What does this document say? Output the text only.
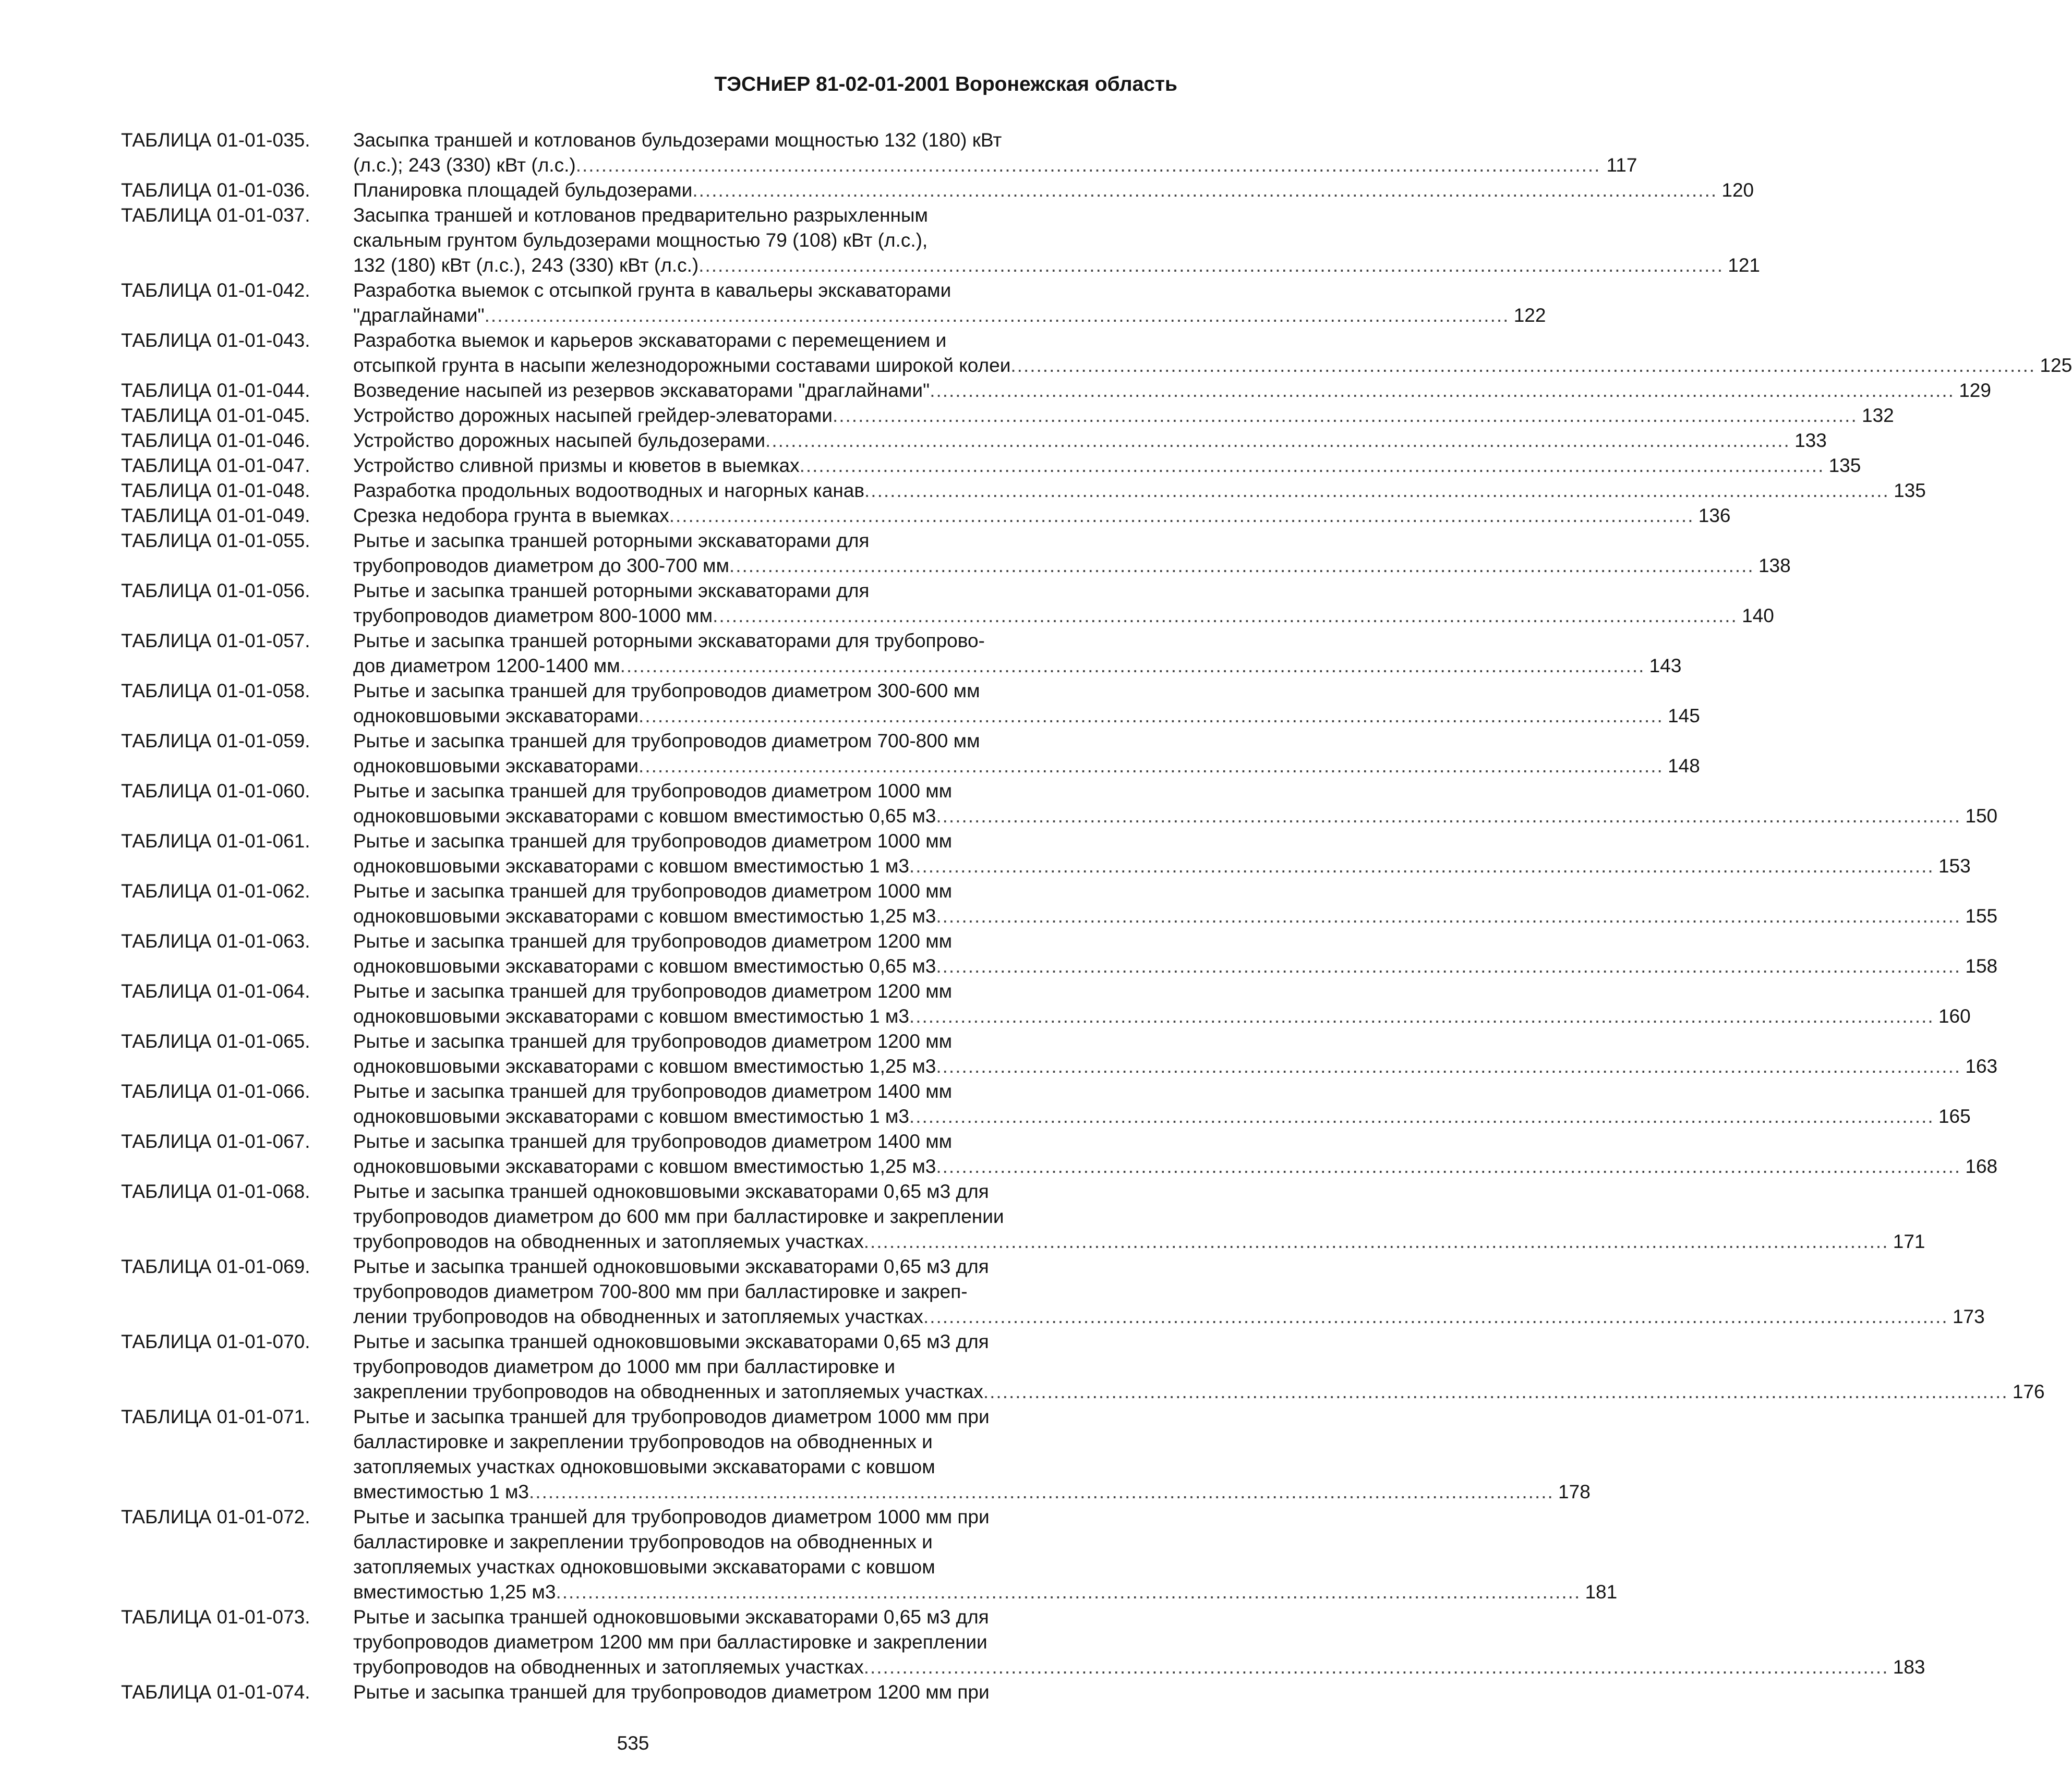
ТЭСНиЕР 81-02-01-2001 Воронежская область
ТАБЛИЦА 01-01-035.	Засыпка траншей и котлованов бульдозерами мощностью 132 (180) кВт
(л.с.); 243 (330) кВт (л.с.) .....	117
ТАБЛИЦА 01-01-036.	Планировка площадей бульдозерами .....	120
ТАБЛИЦА 01-01-037.	Засыпка траншей и котлованов предварительно разрыхленным
скальным грунтом бульдозерами мощностью 79 (108) кВт (л.с.),
132 (180) кВт (л.с.), 243 (330) кВт (л.с.) .....	121
ТАБЛИЦА 01-01-042.	Разработка выемок с отсыпкой грунта в кавальеры экскаваторами
"драглайнами" .....	122
ТАБЛИЦА 01-01-043.	Разработка выемок и карьеров экскаваторами с перемещением и
отсыпкой грунта в насыпи железнодорожными составами широкой колеи .....	125
ТАБЛИЦА 01-01-044.	Возведение насыпей из резервов экскаваторами "драглайнами" .....	129
ТАБЛИЦА 01-01-045.	Устройство дорожных насыпей грейдер-элеваторами .....	132
ТАБЛИЦА 01-01-046.	Устройство дорожных насыпей бульдозерами .....	133
ТАБЛИЦА 01-01-047.	Устройство сливной призмы и кюветов в выемках .....	135
ТАБЛИЦА 01-01-048.	Разработка продольных водоотводных и нагорных канав .....	135
ТАБЛИЦА 01-01-049.	Срезка недобора грунта в выемках .....	136
ТАБЛИЦА 01-01-055.	Рытье и засыпка траншей роторными экскаваторами для
трубопроводов диаметром до 300-700 мм .....	138
ТАБЛИЦА 01-01-056.	Рытье и засыпка траншей роторными экскаваторами для
трубопроводов диаметром 800-1000 мм .....	140
ТАБЛИЦА 01-01-057.	Рытье и засыпка траншей роторными экскаваторами для трубопрово-
дов диаметром 1200-1400 мм .....	143
ТАБЛИЦА 01-01-058.	Рытье и засыпка траншей для трубопроводов диаметром 300-600 мм
одноковшовыми экскаваторами .....	145
ТАБЛИЦА 01-01-059.	Рытье и засыпка траншей для трубопроводов диаметром 700-800 мм
одноковшовыми экскаваторами .....	148
ТАБЛИЦА 01-01-060.	Рытье и засыпка траншей для трубопроводов диаметром 1000 мм
одноковшовыми экскаваторами с ковшом вместимостью 0,65 м3 .....	150
ТАБЛИЦА 01-01-061.	Рытье и засыпка траншей для трубопроводов диаметром 1000 мм
одноковшовыми экскаваторами с ковшом вместимостью 1 м3 .....	153
ТАБЛИЦА 01-01-062.	Рытье и засыпка траншей для трубопроводов диаметром 1000 мм
одноковшовыми экскаваторами с ковшом вместимостью 1,25 м3 .....	155
ТАБЛИЦА 01-01-063.	Рытье и засыпка траншей для трубопроводов диаметром 1200 мм
одноковшовыми экскаваторами с ковшом вместимостью 0,65 м3 .....	158
ТАБЛИЦА 01-01-064.	Рытье и засыпка траншей для трубопроводов диаметром 1200 мм
одноковшовыми экскаваторами с ковшом вместимостью 1 м3 .....	160
ТАБЛИЦА 01-01-065.	Рытье и засыпка траншей для трубопроводов диаметром 1200 мм
одноковшовыми экскаваторами с ковшом вместимостью 1,25 м3 .....	163
ТАБЛИЦА 01-01-066.	Рытье и засыпка траншей для трубопроводов диаметром 1400 мм
одноковшовыми экскаваторами с ковшом вместимостью 1 м3 .....	165
ТАБЛИЦА 01-01-067.	Рытье и засыпка траншей для трубопроводов диаметром 1400 мм
одноковшовыми экскаваторами с ковшом вместимостью 1,25 м3 .....	168
ТАБЛИЦА 01-01-068.	Рытье и засыпка траншей одноковшовыми экскаваторами 0,65 м3 для
трубопроводов диаметром до 600 мм при балластировке и закреплении
трубопроводов на обводненных и затопляемых участках .....	171
ТАБЛИЦА 01-01-069.	Рытье и засыпка траншей одноковшовыми экскаваторами 0,65 м3 для
трубопроводов диаметром 700-800 мм при балластировке и закреп-
лении трубопроводов на обводненных и затопляемых участках .....	173
ТАБЛИЦА 01-01-070.	Рытье и засыпка траншей одноковшовыми экскаваторами 0,65 м3 для
трубопроводов диаметром до 1000 мм при балластировке и
закреплении трубопроводов на обводненных и затопляемых участках .....	176
ТАБЛИЦА 01-01-071.	Рытье и засыпка траншей для трубопроводов диаметром 1000 мм при
балластировке и закреплении трубопроводов на обводненных и
затопляемых участках одноковшовыми экскаваторами с ковшом
вместимостью 1 м3 .....	178
ТАБЛИЦА 01-01-072.	Рытье и засыпка траншей для трубопроводов диаметром 1000 мм при
балластировке и закреплении трубопроводов на обводненных и
затопляемых участках одноковшовыми экскаваторами с ковшом
вместимостью 1,25 м3 .....	181
ТАБЛИЦА 01-01-073.	Рытье и засыпка траншей одноковшовыми экскаваторами 0,65 м3 для
трубопроводов диаметром 1200 мм при балластировке и закреплении
трубопроводов на обводненных и затопляемых участках .....	183
ТАБЛИЦА 01-01-074.	Рытье и засыпка траншей для трубопроводов диаметром 1200 мм при
535
